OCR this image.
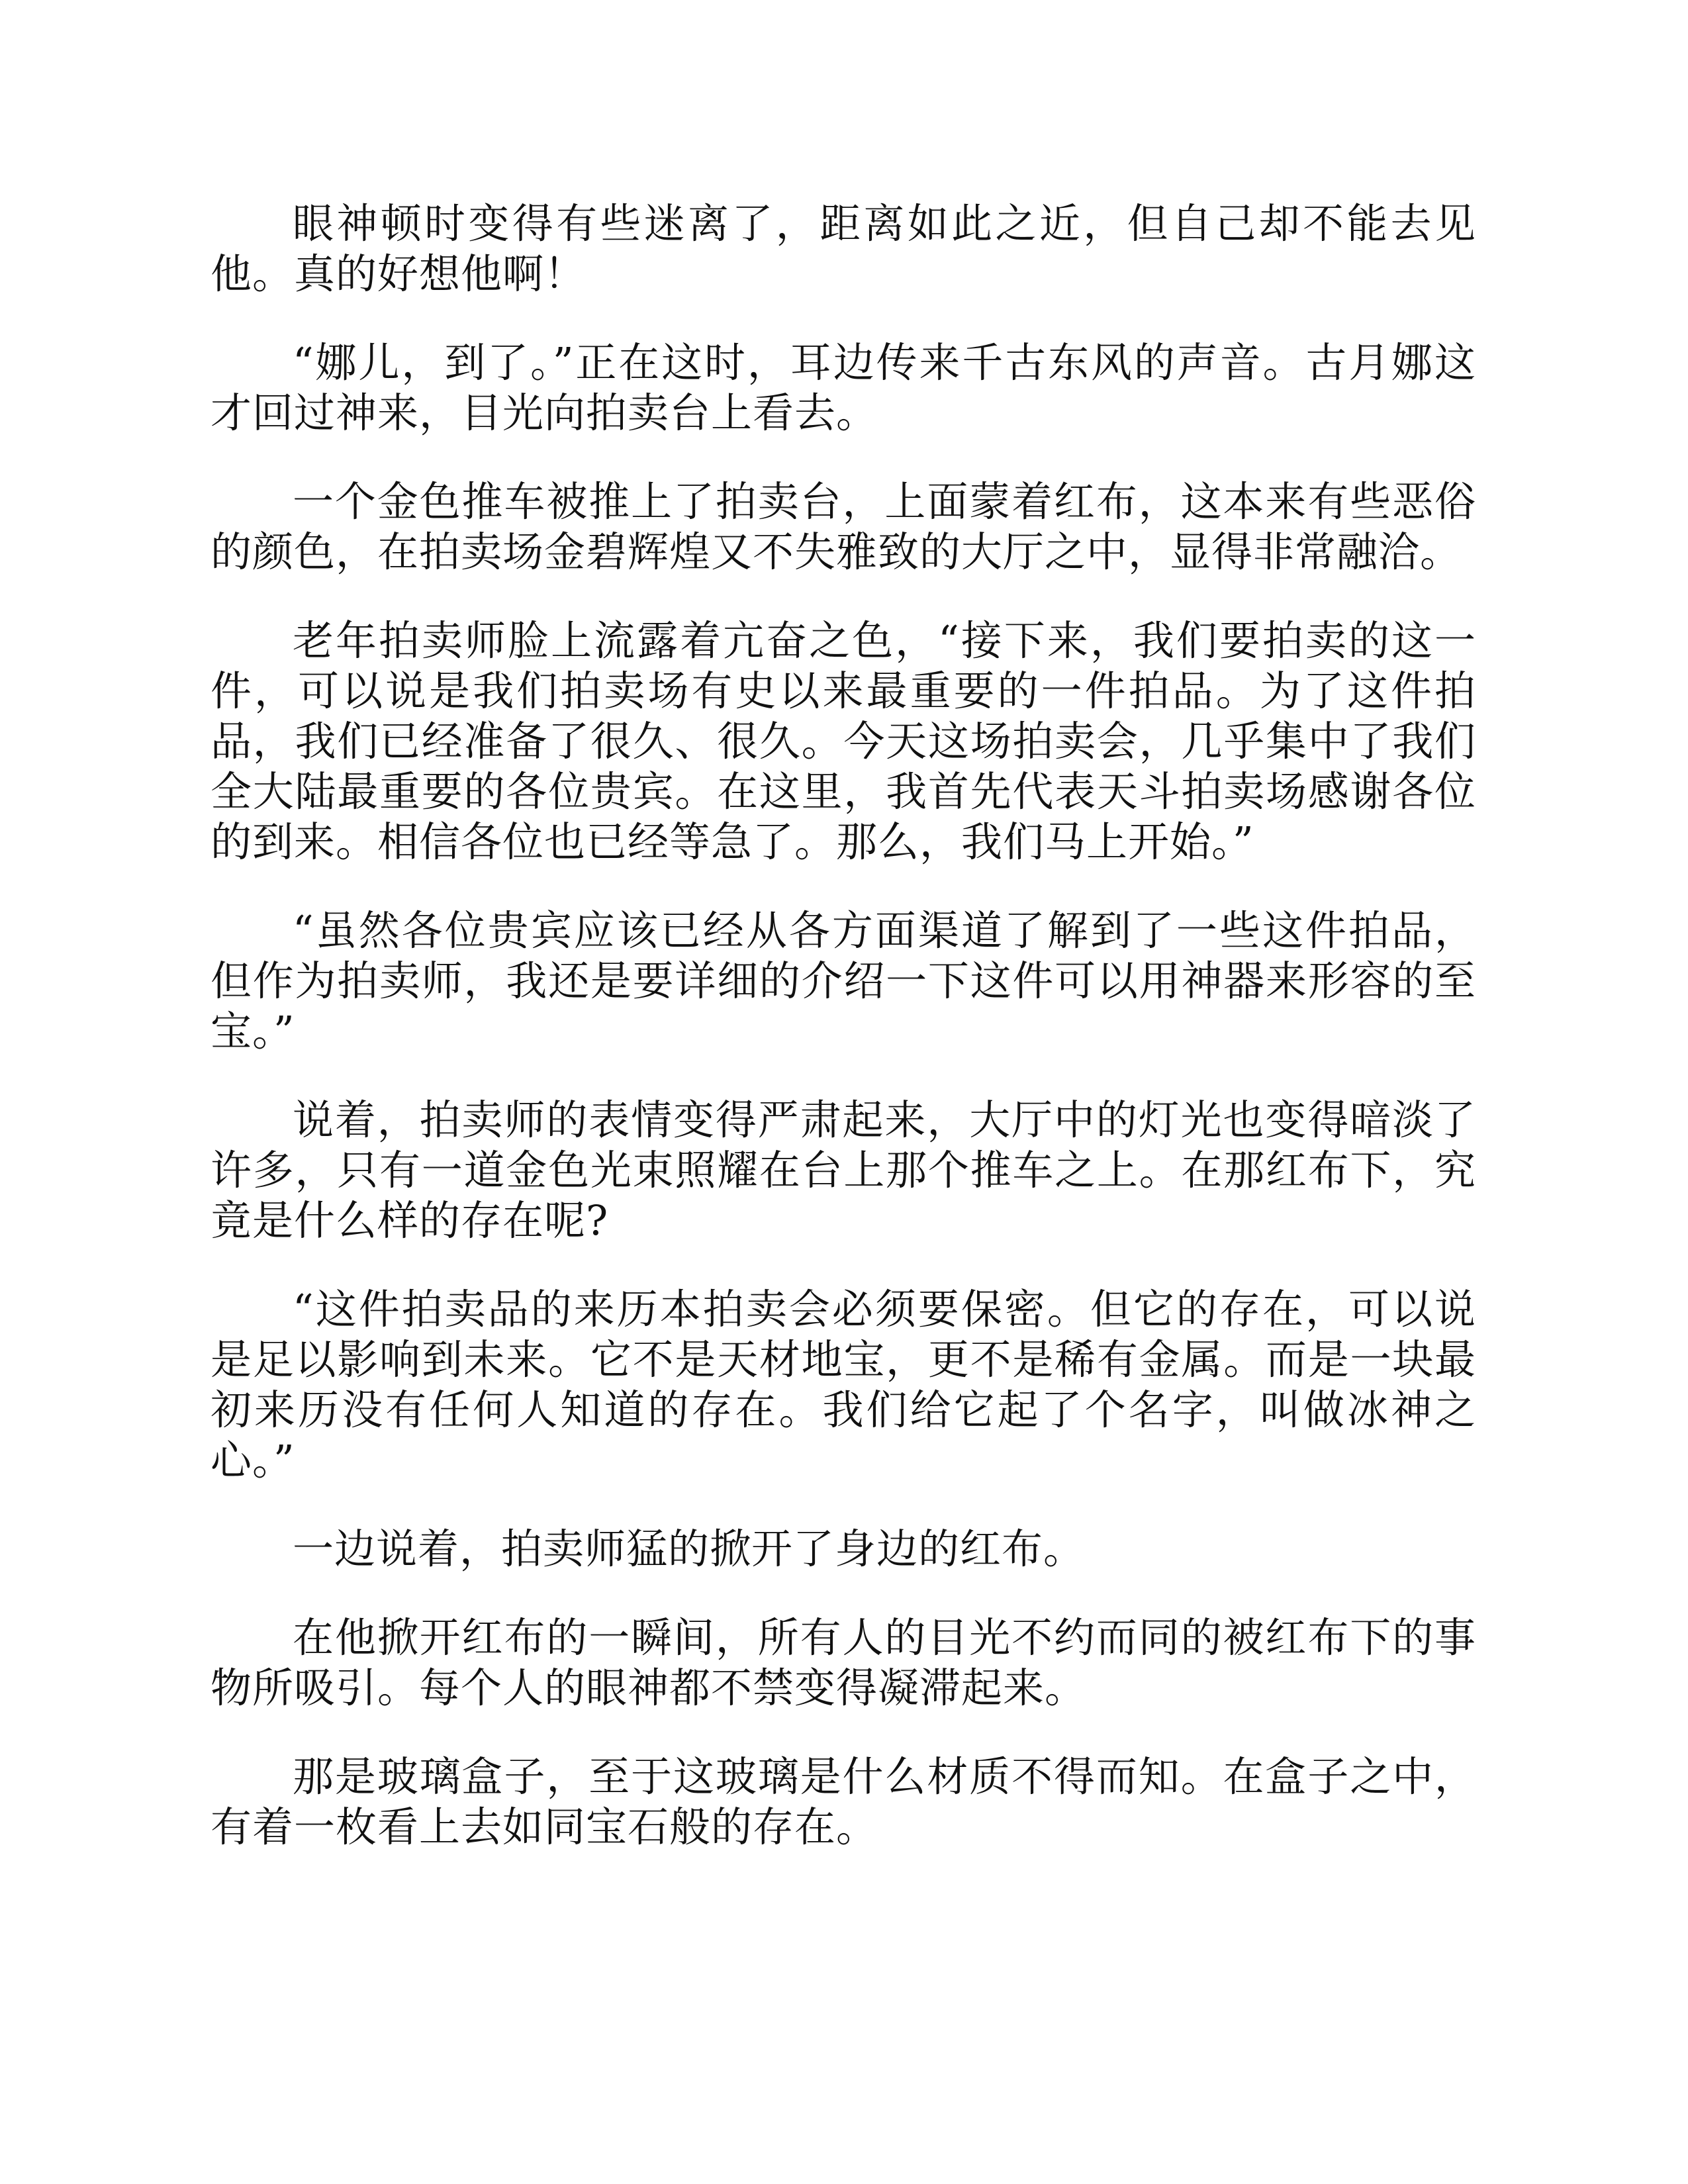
眼神顿时变得有些迷离了，距离如此之近，但自己却不能去见他。真的好想他啊！

“娜儿，到了。”正在这时，耳边传来千古东风的声音。古月娜这才回过神来，目光向拍卖台上看去。

一个金色推车被推上了拍卖台，上面蒙着红布，这本来有些恶俗的颜色，在拍卖场金碧辉煌又不失雅致的大厅之中，显得非常融洽。

老年拍卖师脸上流露着亢奋之色，“接下来，我们要拍卖的这一件，可以说是我们拍卖场有史以来最重要的一件拍品。为了这件拍品，我们已经准备了很久、很久。今天这场拍卖会，几乎集中了我们全大陆最重要的各位贵宾。在这里，我首先代表天斗拍卖场感谢各位的到来。相信各位也已经等急了。那么，我们马上开始。”

“虽然各位贵宾应该已经从各方面渠道了解到了一些这件拍品，但作为拍卖师，我还是要详细的介绍一下这件可以用神器来形容的至宝。”

说着，拍卖师的表情变得严肃起来，大厅中的灯光也变得暗淡了许多，只有一道金色光束照耀在台上那个推车之上。在那红布下，究竟是什么样的存在呢?

“这件拍卖品的来历本拍卖会必须要保密。但它的存在，可以说是足以影响到未来。它不是天材地宝，更不是稀有金属。而是一块最初来历没有任何人知道的存在。我们给它起了个名字，叫做冰神之心。”

一边说着，拍卖师猛的掀开了身边的红布。

在他掀开红布的一瞬间，所有人的目光不约而同的被红布下的事物所吸引。每个人的眼神都不禁变得凝滞起来。

那是玻璃盒子，至于这玻璃是什么材质不得而知。在盒子之中，有着一枚看上去如同宝石般的存在。
